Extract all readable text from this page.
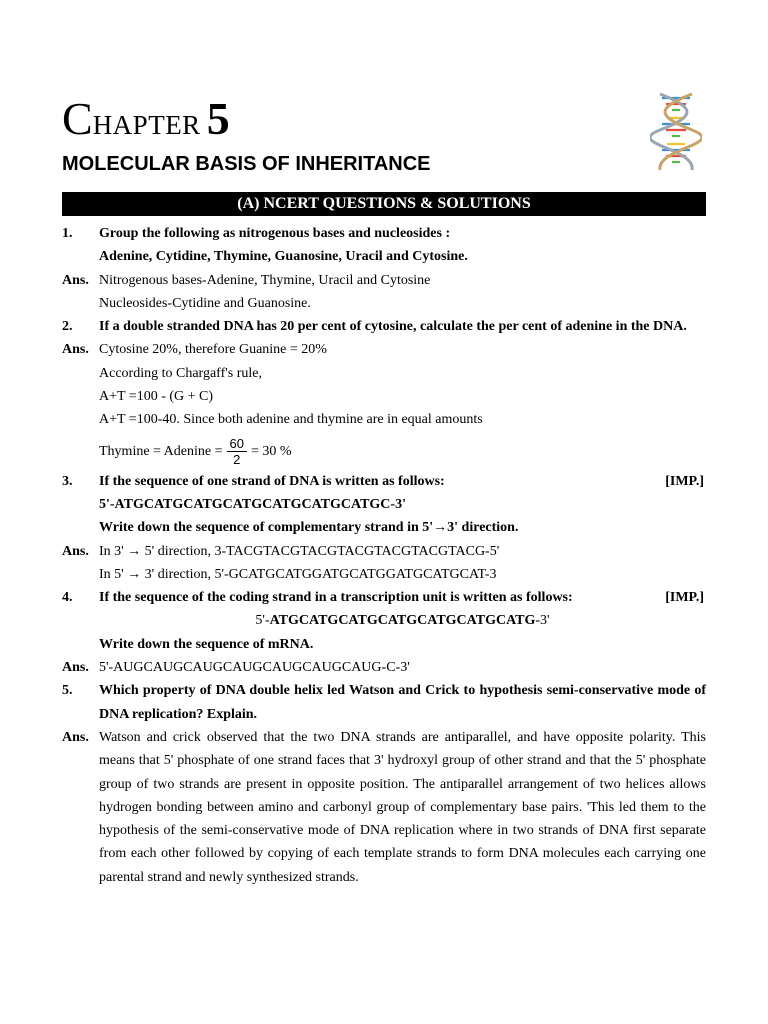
CHAPTER 5
MOLECULAR BASIS OF INHERITANCE
(A) NCERT QUESTIONS & SOLUTIONS
1.	Group the following as nitrogenous bases and nucleosides :
Adenine, Cytidine, Thymine, Guanosine, Uracil and Cytosine.
Ans. Nitrogenous bases-Adenine, Thymine, Uracil and Cytosine
Nucleosides-Cytidine and Guanosine.
2.	If a double stranded DNA has 20 per cent of cytosine, calculate the per cent of adenine in the DNA.
Ans. Cytosine 20%, therefore Guanine = 20%
According to Chargaff's rule,
A+T =100 - (G + C)
A+T =100-40. Since both adenine and thymine are in equal amounts
Thymine = Adenine = $\frac{60}{2} = 30$ %
3.	If the sequence of one strand of DNA is written as follows:	[IMP.]
5'-ATGCATGCATGCATGCATGCATGCATGC-3'
Write down the sequence of complementary strand in 5'→3' direction.
Ans. In 3' → 5' direction, 3-TACGTACGTACGTACGTACGTACGTACG-5'
In 5' → 3' direction, 5'-GCATGCATGGATGCATGGATGCATGCAT-3
4.	If the sequence of the coding strand in a transcription unit is written as follows:	[IMP.]
5'-ATGCATGCATGCATGCATGCATGCATG-3'
Write down the sequence of mRNA.
Ans. 5'-AUGCAUGCAUGCAUGCAUGCAUGCAUG-C-3'
5.	Which property of DNA double helix led Watson and Crick to hypothesis semi-conservative mode of DNA replication? Explain.
Ans. Watson and crick observed that the two DNA strands are antiparallel, and have opposite polarity. This means that 5' phosphate of one strand faces that 3' hydroxyl group of other strand and that the 5' phosphate group of two strands are present in opposite position. The antiparallel arrangement of two helices allows hydrogen bonding between amino and carbonyl group of complementary base pairs. 'This led them to the hypothesis of the semi-conservative mode of DNA replication where in two strands of DNA first separate from each other followed by copying of each template strands to form DNA molecules each carrying one parental strand and newly synthesized strands.
